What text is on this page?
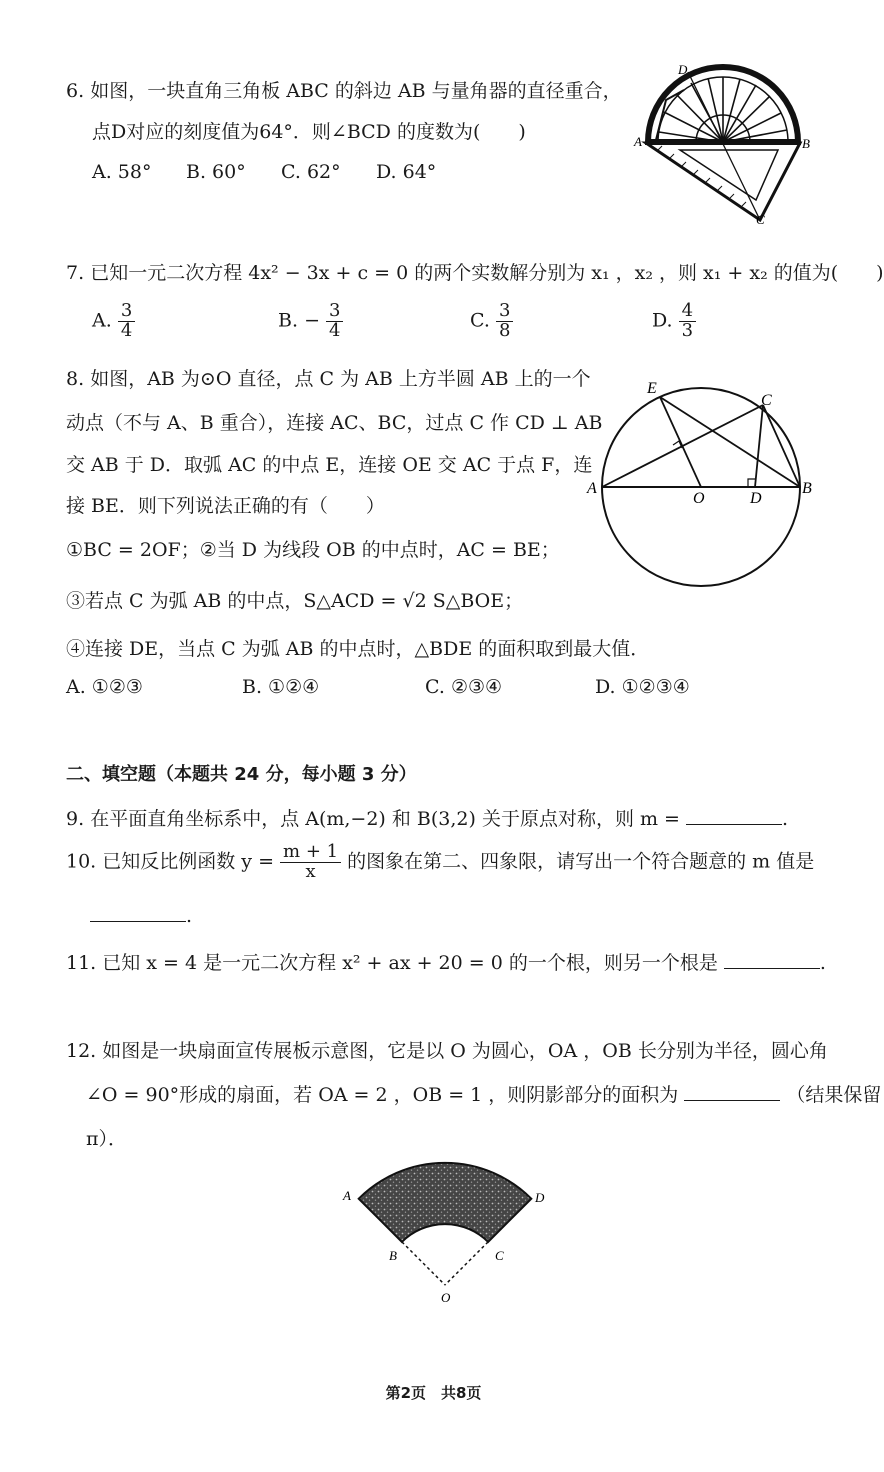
6. 如图，一块直角三角板 ABC 的斜边 AB 与量角器的直径重合，
点D对应的刻度值为64°．则∠BCD 的度数为(　　)
A. 58° B. 60° C. 62° D. 64°
A	B
D
C
7. 已知一元二次方程 4x² − 3x + c = 0 的两个实数解分别为 x₁ ，x₂ ，则 x₁ + x₂ 的值为(　　)
A. $\frac{3}{4}$	B. − $\frac{3}{4}$	C. $\frac{3}{8}$	D. $\frac{4}{3}$
8. 如图，AB 为⊙O 直径，点 C 为 AB 上方半圆 AB 上的一个
动点（不与 A、B 重合），连接 AC、BC，过点 C 作 CD ⊥ AB
交 AB 于 D．取弧 AC 的中点 E，连接 OE 交 AC 于点 F，连
接 BE．则下列说法正确的有（　　）
①BC = 2OF；②当 D 为线段 OB 的中点时，AC = BE；
③若点 C 为弧 AB 的中点，S△ACD = √2 S△BOE；
④连接 DE，当点 C 为弧 AB 的中点时，△BDE 的面积取到最大值．
A. ①②③	B. ①②④	C. ②③④	D. ①②③④
A	B
O	D
C
E
二、填空题（本题共 24 分，每小题 3 分）
9. 在平面直角坐标系中，点 A(m,−2) 和 B(3,2) 关于原点对称，则 m =	.
10. 已知反比例函数 $y = \frac{m + 1}{x}$ 的图象在第二、四象限，请写出一个符合题意的 m 值是
.
11. 已知 x = 4 是一元二次方程 x² + ax + 20 = 0 的一个根，则另一个根是	.
12. 如图是一块扇面宣传展板示意图，它是以 O 为圆心，OA ，OB 长分别为半径，圆心角
∠O = 90°形成的扇面，若 OA = 2 ，OB = 1 ，则阴影部分的面积为	（结果保留
π）．
A	D
B	C
O
第2页　共8页
